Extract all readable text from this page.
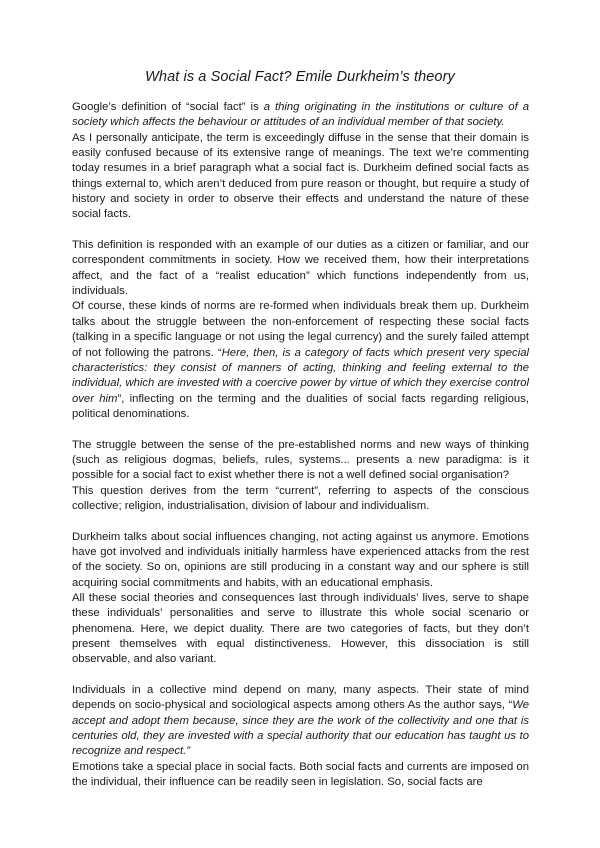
What is a Social Fact? Emile Durkheim’s theory

Google’s definition of “social fact” is a thing originating in the institutions or culture of a society which affects the behaviour or attitudes of an individual member of that society.

As I personally anticipate, the term is exceedingly diffuse in the sense that their domain is easily confused because of its extensive range of meanings. The text we’re commenting today resumes in a brief paragraph what a social fact is. Durkheim defined social facts as things external to, which aren’t deduced from pure reason or thought, but require a study of history and society in order to observe their effects and understand the nature of these social facts.

This definition is responded with an example of our duties as a citizen or familiar, and our correspondent commitments in society. How we received them, how their interpretations affect, and the fact of a “realist education” which functions independently from us, individuals.

Of course, these kinds of norms are re-formed when individuals break them up. Durkheim talks about the struggle between the non-enforcement of respecting these social facts (talking in a specific language or not using the legal currency) and the surely failed attempt of not following the patrons. “Here, then, is a category of facts which present very special characteristics: they consist of manners of acting, thinking and feeling external to the individual, which are invested with a coercive power by virtue of which they exercise control over him”, inflecting on the terming and the dualities of social facts regarding religious, political denominations.

The struggle between the sense of the pre-established norms and new ways of thinking (such as religious dogmas, beliefs, rules, systems... presents a new paradigma: is it possible for a social fact to exist whether there is not a well defined social organisation?

This question derives from the term “current”, referring to aspects of the conscious collective; religion, industrialisation, division of labour and individualism.

Durkheim talks about social influences changing, not acting against us anymore. Emotions have got involved and individuals initially harmless have experienced attacks from the rest of the society. So on, opinions are still producing in a constant way and our sphere is still acquiring social commitments and habits, with an educational emphasis.

All these social theories and consequences last through individuals’ lives, serve to shape these individuals’ personalities and serve to illustrate this whole social scenario or phenomena. Here, we depict duality. There are two categories of facts, but they don’t present themselves with equal distinctiveness. However, this dissociation is still observable, and also variant.

Individuals in a collective mind depend on many, many aspects. Their state of mind depends on socio-physical and sociological aspects among others As the author says, “We accept and adopt them because, since they are the work of the collectivity and one that is centuries old, they are invested with a special authority that our education has taught us to recognize and respect.”

Emotions take a special place in social facts. Both social facts and currents are imposed on the individual, their influence can be readily seen in legislation. So, social facts are
